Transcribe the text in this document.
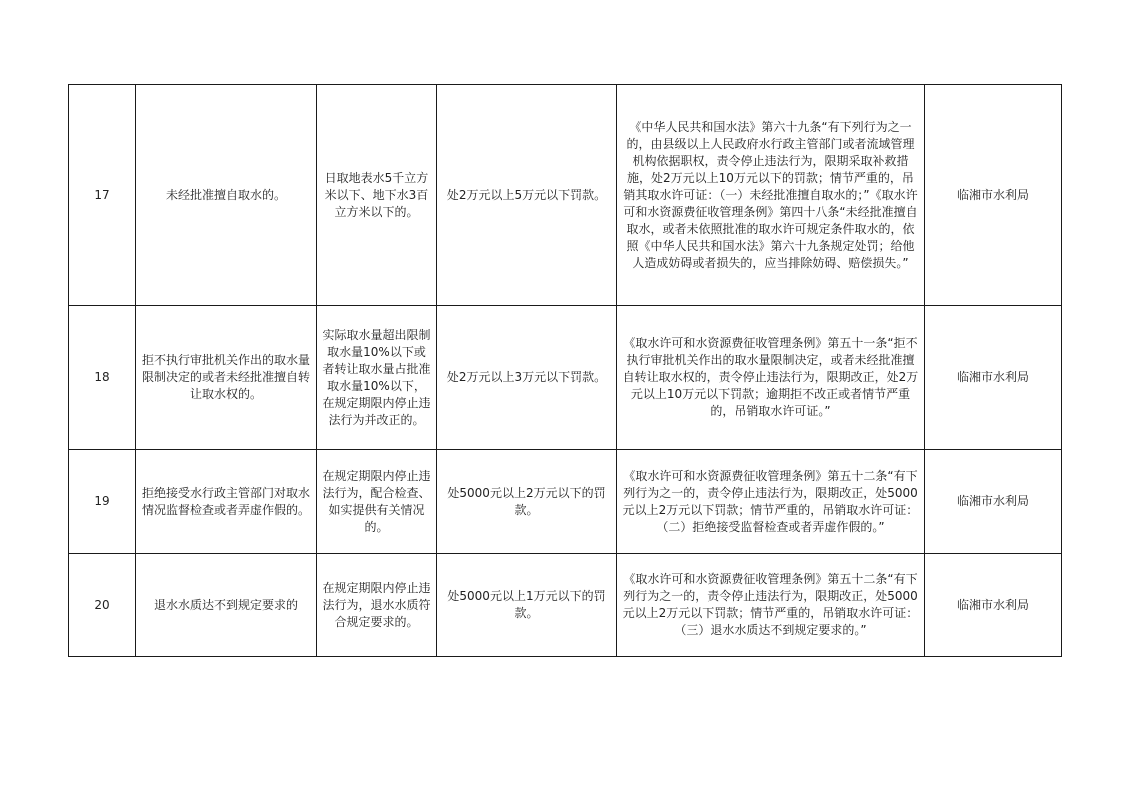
17	未经批准擅自取水的。	日取地表水5千立方米以下、地下水3百立方米以下的。	处2万元以上5万元以下罚款。	《中华人民共和国水法》第六十九条“有下列行为之一的，由县级以上人民政府水行政主管部门或者流域管理机构依据职权，责令停止违法行为，限期采取补救措施，处2万元以上10万元以下的罚款；情节严重的，吊销其取水许可证：（一）未经批准擅自取水的；”《取水许可和水资源费征收管理条例》第四十八条“未经批准擅自取水，或者未依照批准的取水许可规定条件取水的，依照《中华人民共和国水法》第六十九条规定处罚；给他人造成妨碍或者损失的，应当排除妨碍、赔偿损失。”	临湘市水利局
18	拒不执行审批机关作出的取水量限制决定的或者未经批准擅自转让取水权的。	实际取水量超出限制取水量10%以下或者转让取水量占批准取水量10%以下，在规定期限内停止违法行为并改正的。	处2万元以上3万元以下罚款。	《取水许可和水资源费征收管理条例》第五十一条“拒不执行审批机关作出的取水量限制决定，或者未经批准擅自转让取水权的，责令停止违法行为，限期改正，处2万元以上10万元以下罚款；逾期拒不改正或者情节严重的，吊销取水许可证。”	临湘市水利局
19	拒绝接受水行政主管部门对取水情况监督检查或者弄虚作假的。	在规定期限内停止违法行为，配合检查、如实提供有关情况的。	处5000元以上2万元以下的罚款。	《取水许可和水资源费征收管理条例》第五十二条“有下列行为之一的，责令停止违法行为，限期改正，处5000元以上2万元以下罚款；情节严重的，吊销取水许可证：（二）拒绝接受监督检查或者弄虚作假的。”	临湘市水利局
20	退水水质达不到规定要求的	在规定期限内停止违法行为，退水水质符合规定要求的。	处5000元以上1万元以下的罚款。	《取水许可和水资源费征收管理条例》第五十二条“有下列行为之一的，责令停止违法行为，限期改正，处5000元以上2万元以下罚款；情节严重的，吊销取水许可证：（三）退水水质达不到规定要求的。”	临湘市水利局
